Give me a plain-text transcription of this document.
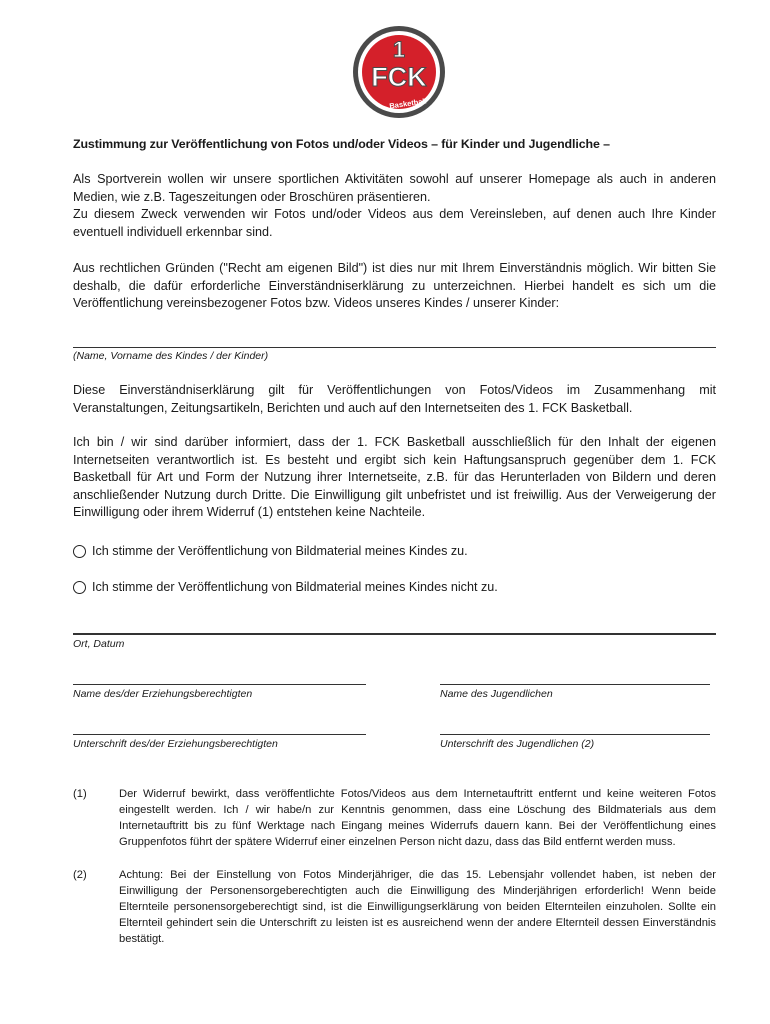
1
FCK
Basketball
Zustimmung zur Veröffentlichung von Fotos und/oder Videos – für Kinder und Jugendliche –
Als Sportverein wollen wir unsere sportlichen Aktivitäten sowohl auf unserer Homepage als auch in anderen Medien, wie z.B. Tageszeitungen oder Broschüren präsentieren.
Zu diesem Zweck verwenden wir Fotos und/oder Videos aus dem Vereinsleben, auf denen auch Ihre Kinder eventuell individuell erkennbar sind.
Aus rechtlichen Gründen ("Recht am eigenen Bild") ist dies nur mit Ihrem Einverständnis möglich. Wir bitten Sie deshalb, die dafür erforderliche Einverständniserklärung zu unterzeichnen. Hierbei handelt es sich um die Veröffentlichung vereinsbezogener Fotos bzw. Videos unseres Kindes / unserer Kinder:
(Name, Vorname des Kindes / der Kinder)
Diese Einverständniserklärung gilt für Veröffentlichungen von Fotos/Videos im Zusammenhang mit Veranstaltungen, Zeitungsartikeln, Berichten und auch auf den Internetseiten des 1. FCK Basketball.
Ich bin / wir sind darüber informiert, dass der 1. FCK Basketball ausschließlich für den Inhalt der eigenen Internetseiten verantwortlich ist. Es besteht und ergibt sich kein Haftungsanspruch gegenüber dem 1. FCK Basketball für Art und Form der Nutzung ihrer Internetseite, z.B. für das Herunterladen von Bildern und deren anschließender Nutzung durch Dritte. Die Einwilligung gilt unbefristet und ist freiwillig. Aus der Verweigerung der Einwilligung oder ihrem Widerruf (1) entstehen keine Nachteile.
Ich stimme der Veröffentlichung von Bildmaterial meines Kindes zu.
Ich stimme der Veröffentlichung von Bildmaterial meines Kindes nicht zu.
Ort, Datum
Name des/der Erziehungsberechtigten	Name des Jugendlichen
Unterschrift des/der Erziehungsberechtigten	Unterschrift des Jugendlichen (2)
(1)	Der Widerruf bewirkt, dass veröffentlichte Fotos/Videos aus dem Internetauftritt entfernt und keine weiteren Fotos eingestellt werden. Ich / wir habe/n zur Kenntnis genommen, dass eine Löschung des Bildmaterials aus dem Internetauftritt bis zu fünf Werktage nach Eingang meines Widerrufs dauern kann. Bei der Veröffentlichung eines Gruppenfotos führt der spätere Widerruf einer einzelnen Person nicht dazu, dass das Bild entfernt werden muss.
(2)	Achtung: Bei der Einstellung von Fotos Minderjähriger, die das 15. Lebensjahr vollendet haben, ist neben der Einwilligung der Personensorgeberechtigten auch die Einwilligung des Minderjährigen erforderlich! Wenn beide Elternteile personensorgeberechtigt sind, ist die Einwilligungserklärung von beiden Elternteilen einzuholen. Sollte ein Elternteil gehindert sein die Unterschrift zu leisten ist es ausreichend wenn der andere Elternteil dessen Einverständnis bestätigt.
